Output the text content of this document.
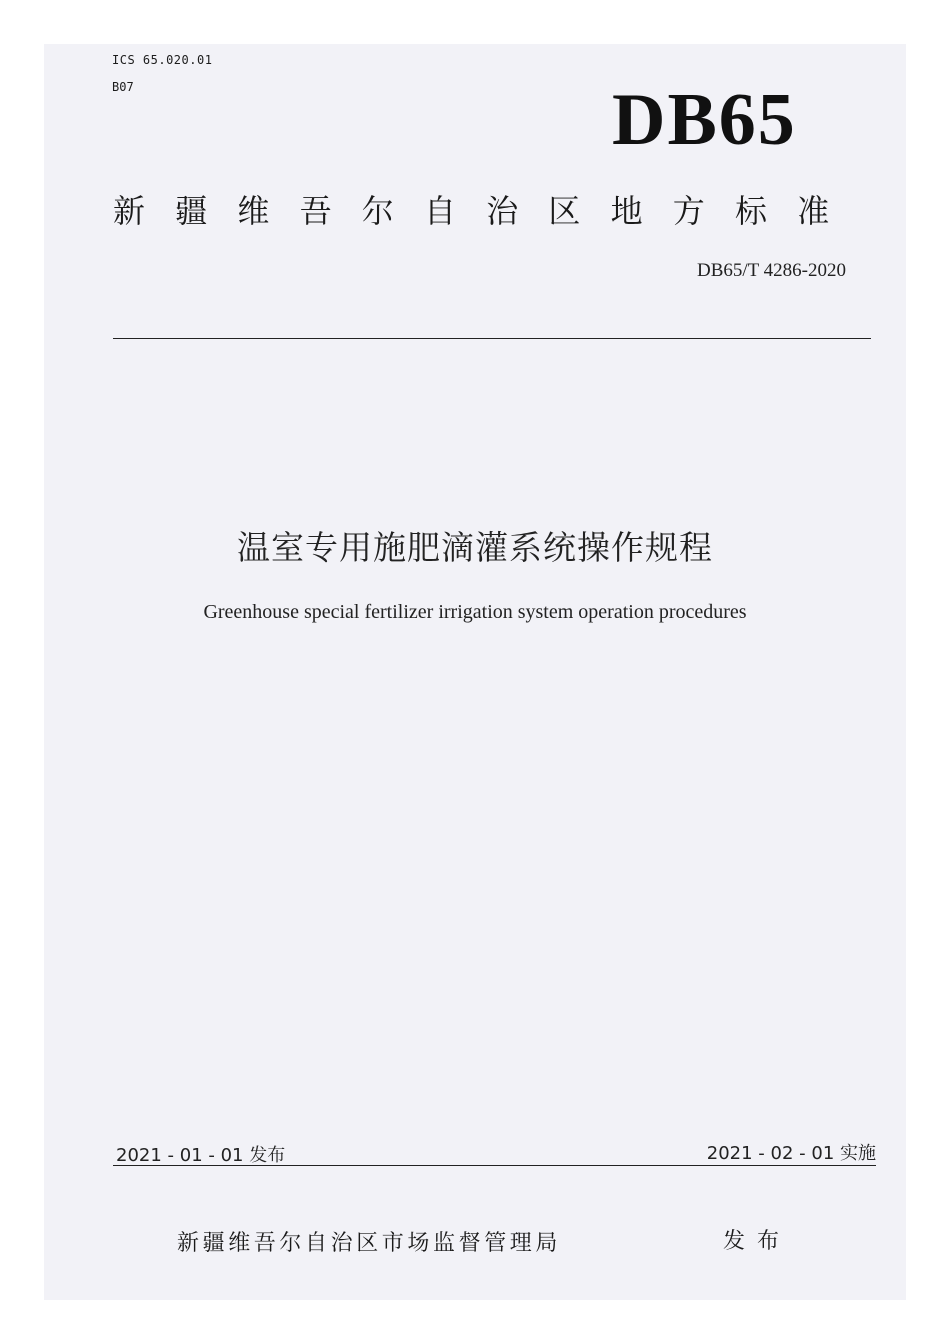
ICS 65.020.01
B07	DB65
新疆维吾尔自治区地方标准
DB65/T 4286-2020
温室专用施肥滴灌系统操作规程
Greenhouse special fertilizer irrigation system operation procedures
2021 - 01 - 01 发布	2021 - 02 - 01 实施
新疆维吾尔自治区市场监督管理局	发布
